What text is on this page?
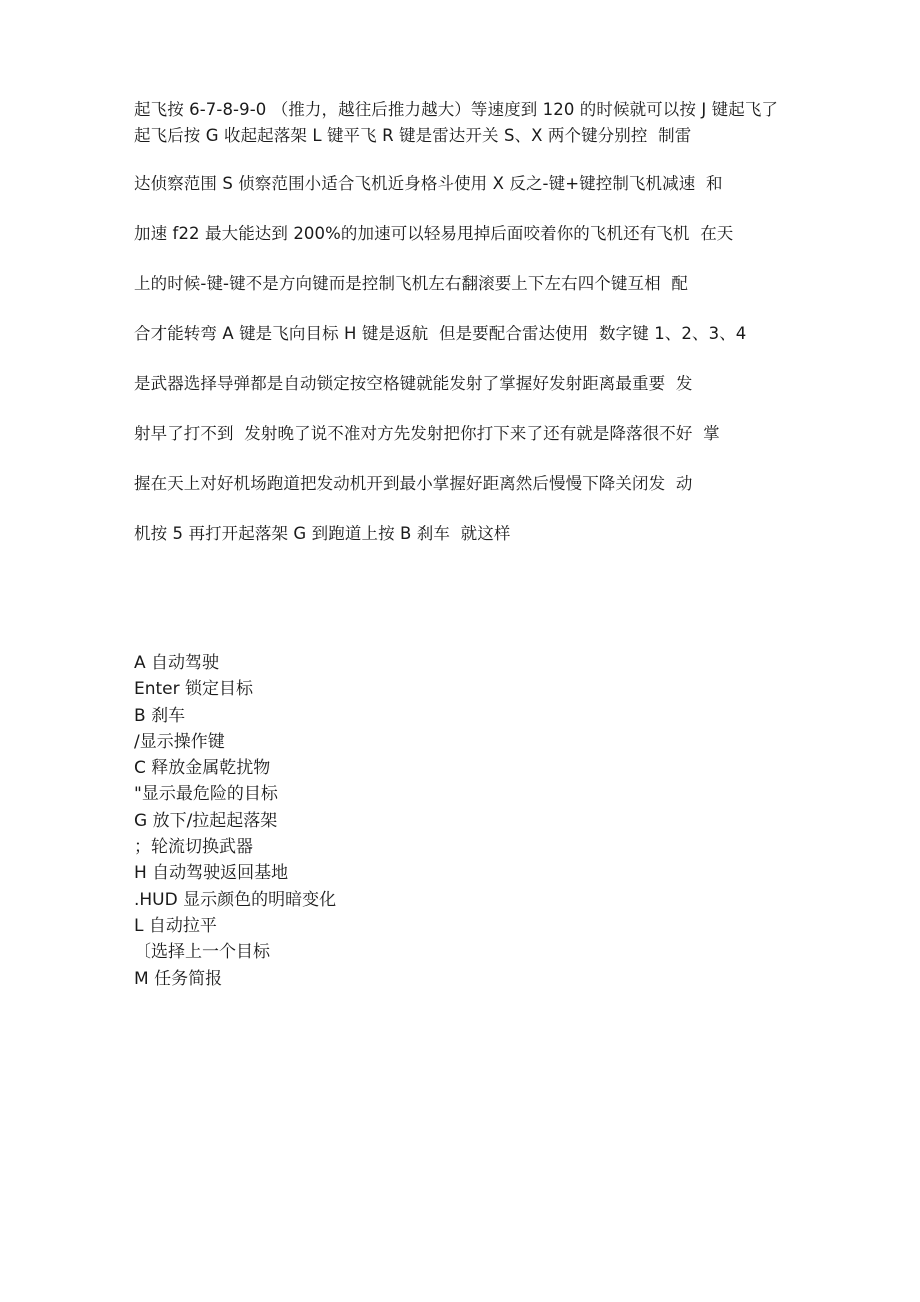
起飞按 6-7-8-9-0 （推力，越往后推力越大）等速度到 120 的时候就可以按 J 键起飞了起飞后按 G 收起起落架 L 键平飞 R 键是雷达开关 S、X 两个键分别控  制雷

达侦察范围 S 侦察范围小适合飞机近身格斗使用 X 反之-键+键控制飞机减速  和

加速 f22 最大能达到 200%的加速可以轻易甩掉后面咬着你的飞机还有飞机  在天

上的时候-键-键不是方向键而是控制飞机左右翻滚要上下左右四个键互相  配

合才能转弯 A 键是飞向目标 H 键是返航  但是要配合雷达使用  数字键 1、2、3、4

是武器选择导弹都是自动锁定按空格键就能发射了掌握好发射距离最重要  发

射早了打不到  发射晚了说不准对方先发射把你打下来了还有就是降落很不好  掌

握在天上对好机场跑道把发动机开到最小掌握好距离然后慢慢下降关闭发  动

机按 5 再打开起落架 G 到跑道上按 B 刹车  就这样

A 自动驾驶

Enter 锁定目标

B 刹车

/显示操作键

C 释放金属乾扰物

"显示最危险的目标

G 放下/拉起起落架

；轮流切换武器

H 自动驾驶返回基地

.HUD 显示颜色的明暗变化

L 自动拉平

〔选择上一个目标

M 任务简报
